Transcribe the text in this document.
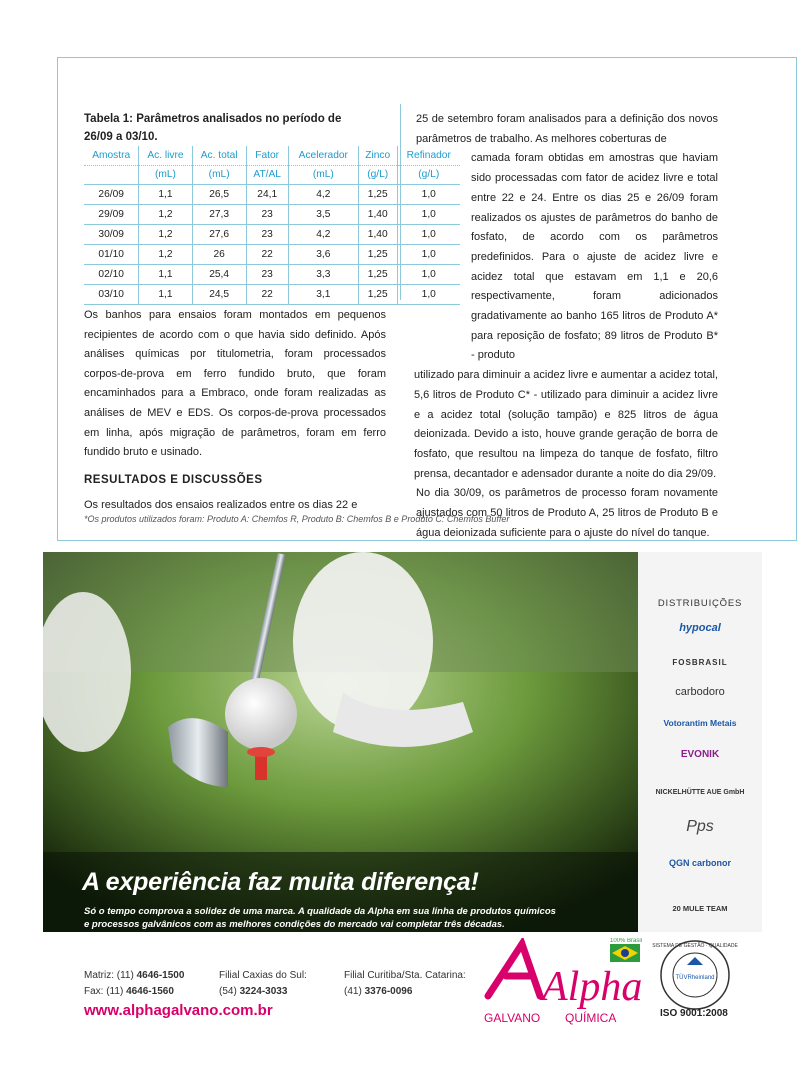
Tabela 1: Parâmetros analisados no período de
26/09 a 03/10.
Amostra	Ac. livre	Ac. total	Fator	Acelerador	Zinco	Refinador
	(mL)	(mL)	AT/AL	(mL)	(g/L)	(g/L)
26/09	1,1	26,5	24,1	4,2	1,25	1,0
29/09	1,2	27,3	23	3,5	1,40	1,0
30/09	1,2	27,6	23	4,2	1,40	1,0
01/10	1,2	26	22	3,6	1,25	1,0
02/10	1,1	25,4	23	3,3	1,25	1,0
03/10	1,1	24,5	22	3,1	1,25	1,0

Os banhos para ensaios foram montados em pequenos recipientes de acordo com o que havia sido definido. Após análises químicas por titulometria, foram processados corpos-de-prova em ferro fundido bruto, que foram encaminhados para a Embraco, onde foram realizadas as análises de MEV e EDS. Os corpos-de-prova processados em linha, após migração de parâmetros, foram em ferro fundido bruto e usinado.

RESULTADOS E DISCUSSÕES

Os resultados dos ensaios realizados entre os dias 22 e

25 de setembro foram analisados para a definição dos novos parâmetros de trabalho. As melhores coberturas de

camada foram obtidas em amostras que haviam sido processadas com fator de acidez livre e total entre 22 e 24. Entre os dias 25 e 26/09 foram realizados os ajustes de parâmetros do banho de fosfato, de acordo com os parâmetros predefinidos. Para o ajuste de acidez livre e acidez total que estavam em 1,1 e 20,6 respectivamente, foram adicionados gradativamente ao banho 165 litros de Produto A* para reposição de fosfato; 89 litros de Produto B* - produto

utilizado para diminuir a acidez livre e aumentar a acidez total, 5,6 litros de Produto C* - utilizado para diminuir a acidez livre e a acidez total (solução tampão) e 825 litros de água deionizada. Devido a isto, houve grande geração de borra de fosfato, que resultou na limpeza do tanque de fosfato, filtro prensa, decantador e adensador durante a noite do dia 29/09.

No dia 30/09, os parâmetros de processo foram novamente ajustados com 50 litros de Produto A, 25 litros de Produto B e água deionizada suficiente para o ajuste do nível do tanque.

*Os produtos utilizados foram: Produto A: Chemfos R, Produto B: Chemfos B e Produto C: Chemfos Buffer
DISTRIBUIÇÕES
hypocal
FOSBRASIL
carbodoro
Votorantim Metais
EVONIK
NICKELHÜTTE AUE GmbH
Pps
QGN carbonor
20 MULE TEAM
A experiência faz muita diferença!
Só o tempo comprova a solidez de uma marca. A qualidade da Alpha em sua linha de produtos químicos
e processos galvânicos com as melhores condições do mercado vai completar três décadas.
Chame a Alpha e dê uma tacada certeira no seu negócio.
Matriz: (11) 4646-1500
Fax: (11) 4646-1560
Filial Caxias do Sul:
(54) 3224-3033
Filial Curitiba/Sta. Catarina:
(41) 3376-0096
www.alphagalvano.com.br
Alpha
GALVANO QUÍMICA
100% Brasil
SISTEMA DE GESTÃO · QUALIDADE
TÜVRheinland
ISO 9001:2008
